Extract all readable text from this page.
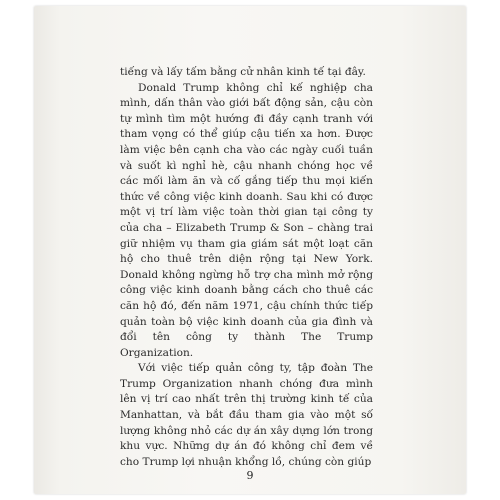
tiếng và lấy tấm bằng cử nhân kinh tế tại đây.

Donald Trump không chỉ kế nghiệp cha mình, dấn thân vào giới bất động sản, cậu còn tự mình tìm một hướng đi đầy cạnh tranh với tham vọng có thể giúp cậu tiến xa hơn. Được làm việc bên cạnh cha vào các ngày cuối tuần và suốt kì nghỉ hè, cậu nhanh chóng học về các mối làm ăn và cố gắng tiếp thu mọi kiến thức về công việc kinh doanh. Sau khi có được một vị trí làm việc toàn thời gian tại công ty của cha – Elizabeth Trump & Son – chàng trai giữ nhiệm vụ tham gia giám sát một loạt căn hộ cho thuê trên diện rộng tại New York. Donald không ngừng hỗ trợ cha mình mở rộng công việc kinh doanh bằng cách cho thuê các căn hộ đó, đến năm 1971, cậu chính thức tiếp quản toàn bộ việc kinh doanh của gia đình và đổi tên công ty thành The Trump Organization.

Với việc tiếp quản công ty, tập đoàn The Trump Organization nhanh chóng đưa mình lên vị trí cao nhất trên thị trường kinh tế của Manhattan, và bắt đầu tham gia vào một số lượng không nhỏ các dự án xây dựng lớn trong khu vực. Những dự án đó không chỉ đem về cho Trump lợi nhuận khổng lồ, chúng còn giúp

9
